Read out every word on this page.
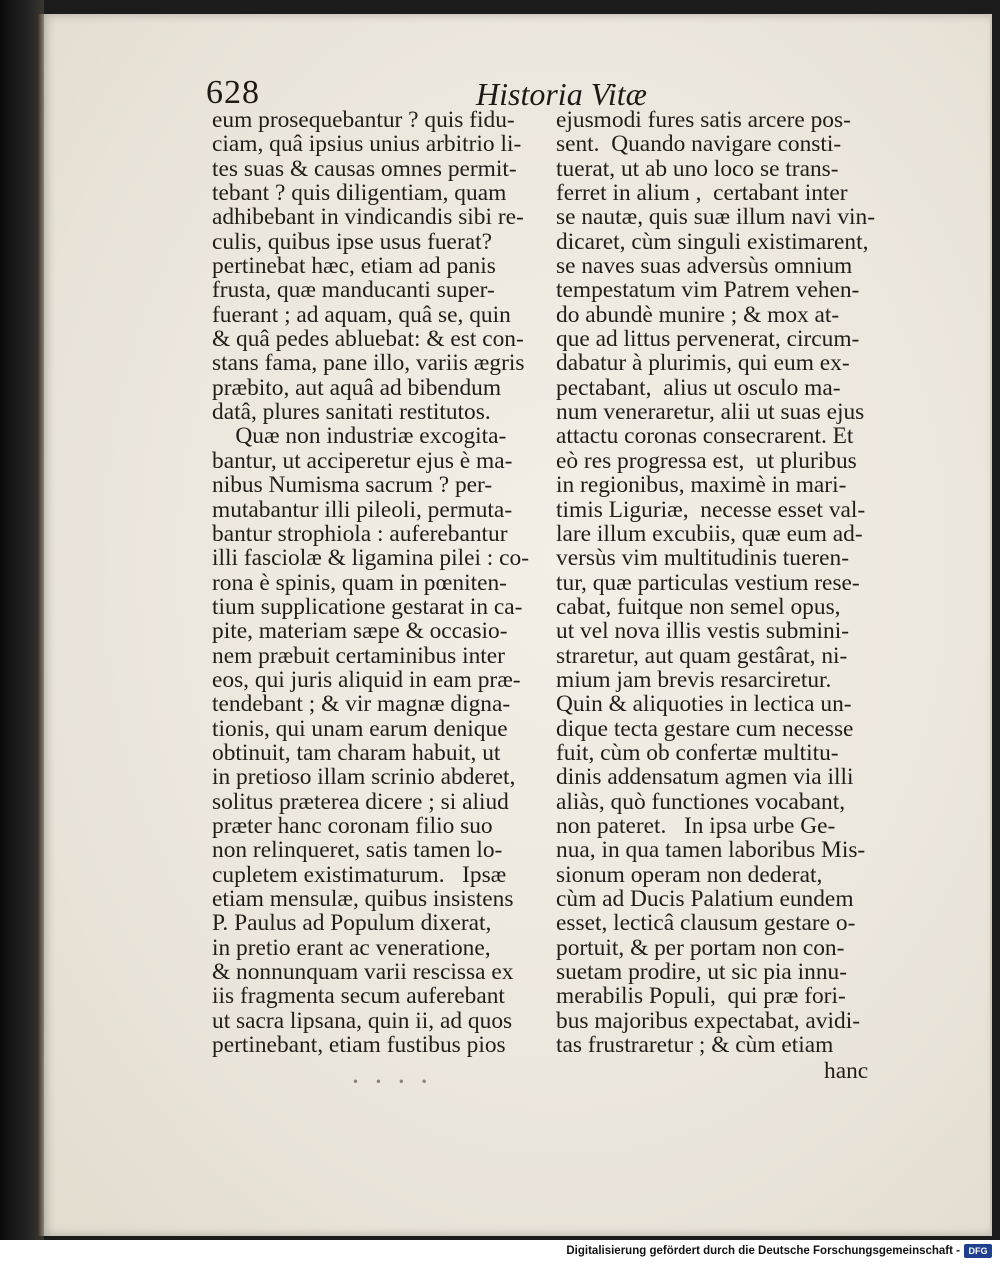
628	Historia Vitæ
eum prosequebantur ? quis fidu-
ciam, quâ ipsius unius arbitrio li-
tes suas & causas omnes permit-
tebant ? quis diligentiam, quam
adhibebant in vindicandis sibi re-
culis, quibus ipse usus fuerat?
pertinebat hæc, etiam ad panis
frusta, quæ manducanti super-
fuerant ; ad aquam, quâ se, quin
& quâ pedes abluebat: & est con-
stans fama, pane illo, variis ægris
præbito, aut aquâ ad bibendum
datâ, plures sanitati restitutos.
Quæ non industriæ excogita-
bantur, ut acciperetur ejus è ma-
nibus Numisma sacrum ? per-
mutabantur illi pileoli, permuta-
bantur strophiola : auferebantur
illi fasciolæ & ligamina pilei : co-
rona è spinis, quam in pœniten-
tium supplicatione gestarat in ca-
pite, materiam sæpe & occasio-
nem præbuit certaminibus inter
eos, qui juris aliquid in eam præ-
tendebant ; & vir magnæ digna-
tionis, qui unam earum denique
obtinuit, tam charam habuit, ut
in pretioso illam scrinio abderet,
solitus præterea dicere ; si aliud
præter hanc coronam filio suo
non relinqueret, satis tamen lo-
cupletem existimaturum.   Ipsæ
etiam mensulæ, quibus insistens
P. Paulus ad Populum dixerat,
in pretio erant ac veneratione,
& nonnunquam varii rescissa ex
iis fragmenta secum auferebant
ut sacra lipsana, quin ii, ad quos
pertinebant, etiam fustibus pios
ejusmodi fures satis arcere pos-
sent.  Quando navigare consti-
tuerat, ut ab uno loco se trans-
ferret in alium ,  certabant inter
se nautæ, quis suæ illum navi vin-
dicaret, cùm singuli existimarent,
se naves suas adversùs omnium
tempestatum vim Patrem vehen-
do abundè munire ; & mox at-
que ad littus pervenerat, circum-
dabatur à plurimis, qui eum ex-
pectabant,  alius ut osculo ma-
num veneraretur, alii ut suas ejus
attactu coronas consecrarent. Et
eò res progressa est,  ut pluribus
in regionibus, maximè in mari-
timis Liguriæ,  necesse esset val-
lare illum excubiis, quæ eum ad-
versùs vim multitudinis tueren-
tur, quæ particulas vestium rese-
cabat, fuitque non semel opus,
ut vel nova illis vestis submini-
straretur, aut quam gestârat, ni-
mium jam brevis resarciretur.
Quin & aliquoties in lectica un-
dique tecta gestare cum necesse
fuit, cùm ob confertæ multitu-
dinis addensatum agmen via illi
aliàs, quò functiones vocabant,
non pateret.   In ipsa urbe Ge-
nua, in qua tamen laboribus Mis-
sionum operam non dederat,
cùm ad Ducis Palatium eundem
esset, lecticâ clausum gestare o-
portuit, & per portam non con-
suetam prodire, ut sic pia innu-
merabilis Populi,  qui præ fori-
bus majoribus expectabat, avidi-
tas frustraretur ; & cùm etiam
hanc
• • • •
Digitalisierung gefördert durch die Deutsche Forschungsgemeinschaft - DFG
